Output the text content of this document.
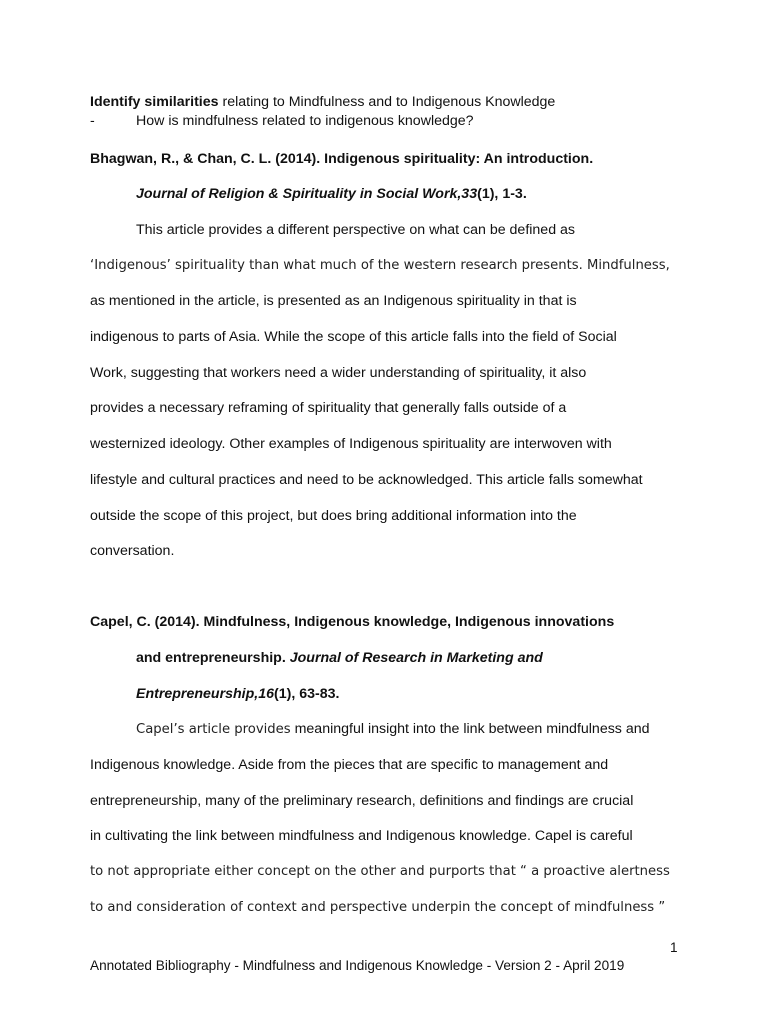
Identify similarities relating to Mindfulness and to Indigenous Knowledge
-	How is mindfulness related to indigenous knowledge?
Bhagwan, R., & Chan, C. L. (2014). Indigenous spirituality: An introduction.
Journal of Religion & Spirituality in Social Work,33(1), 1-3.
This article provides a different perspective on what can be defined as
‘Indigenous’ spirituality than what much of the western research presents. Mindfulness,
as mentioned in the article, is presented as an Indigenous spirituality in that is
indigenous to parts of Asia. While the scope of this article falls into the field of Social
Work, suggesting that workers need a wider understanding of spirituality, it also
provides a necessary reframing of spirituality that generally falls outside of a
westernized ideology. Other examples of Indigenous spirituality are interwoven with
lifestyle and cultural practices and need to be acknowledged. This article falls somewhat
outside the scope of this project, but does bring additional information into the
conversation.
Capel, C. (2014). Mindfulness, Indigenous knowledge, Indigenous innovations
and entrepreneurship. Journal of Research in Marketing and
Entrepreneurship,16(1), 63-83.
Capel’s article provides meaningful insight into the link between mindfulness and
Indigenous knowledge. Aside from the pieces that are specific to management and
entrepreneurship, many of the preliminary research, definitions and findings are crucial
in cultivating the link between mindfulness and Indigenous knowledge. Capel is careful
to not appropriate either concept on the other and purports that “ a proactive alertness
to and consideration of context and perspective underpin the concept of mindfulness ”
1
Annotated Bibliography - Mindfulness and Indigenous Knowledge - Version 2 - April 2019
